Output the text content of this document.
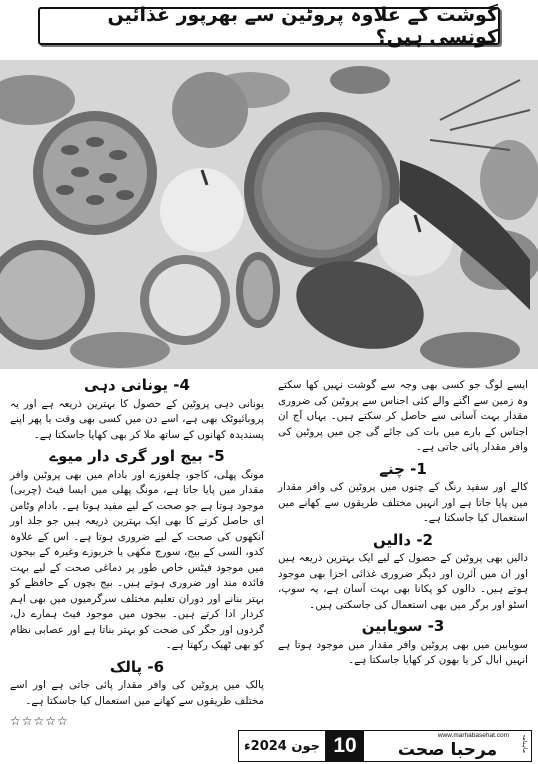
گوشت کے علاوہ پروٹین سے بھرپور غذائیں کونسی ہیں؟

ایسے لوگ جو کسی بھی وجہ سے گوشت نہیں کھا سکتے وہ زمین سے اگنے والے کئی اجناس سے پروٹین کی ضروری مقدار بہت آسانی سے حاصل کر سکتے ہیں۔ یہاں آج ان اجناس کے بارے میں بات کی جائے گی جن میں پروٹین کی وافر مقدار پائی جاتی ہے۔

1- چنے

کالے اور سفید رنگ کے چنوں میں پروٹین کی وافر مقدار میں پایا جاتا ہے اور انہیں مختلف طریقوں سے کھانے میں استعمال کیا جاسکتا ہے۔

2- دالیں

دالیں بھی پروٹین کے حصول کے لیے ایک بہترین ذریعہ ہیں اور ان میں آئرن اور دیگر ضروری غذائی اجزا بھی موجود ہوتے ہیں۔ دالوں کو پکانا بھی بہت آسان ہے، یہ سوپ، اسٹو اور برگر میں بھی استعمال کی جاسکتی ہیں۔

3- سویابین

سویابین میں بھی پروٹین وافر مقدار میں موجود ہوتا ہے انہیں ابال کر یا بھون کر کھایا جاسکتا ہے۔

4- یونانی دہی

یونانی دہی پروٹین کے حصول کا بہترین ذریعہ ہے اور یہ پروبائیوٹک بھی ہے، اسے دن میں کسی بھی وقت یا پھر اپنے پسندیدہ کھانوں کے ساتھ ملا کر بھی کھایا جاسکتا ہے۔

5- بیج اور گری دار میوے

مونگ پھلی، کاجو، چلغوزے اور بادام میں بھی پروٹین وافر مقدار میں پایا جاتا ہے، مونگ پھلی میں ایسا فیٹ (چربی) موجود ہوتا ہے جو صحت کے لیے مفید ہوتا ہے۔ بادام وٹامن ای حاصل کرنے کا بھی ایک بہترین ذریعہ ہیں جو جلد اور آنکھوں کی صحت کے لیے ضروری ہوتا ہے۔ اس کے علاوہ کدو، السی کے بیج، سورج مکھی یا خربوزے وغیرہ کے بیجوں میں موجود فیٹس خاص طور پر دماغی صحت کے لیے بہت فائدہ مند اور ضروری ہوتے ہیں۔ بیج بچوں کے حافظے کو بہتر بنانے اور دوران تعلیم مختلف سرگرمیوں میں بھی اہم کردار ادا کرتے ہیں۔ بیجوں میں موجود فیٹ ہمارے دل، گردوں اور جگر کی صحت کو بہتر بناتا ہے اور عصابی نظام کو بھی ٹھیک رکھتا ہے۔

6- پالک

پالک میں پروٹین کی وافر مقدار پائی جاتی ہے اور اسے مختلف طریقوں سے کھانے میں استعمال کیا جاسکتا ہے۔

☆☆☆☆☆
جون 2024ء 10	www.marhabasehat.com ماہنامہ
مرحبا صحت
